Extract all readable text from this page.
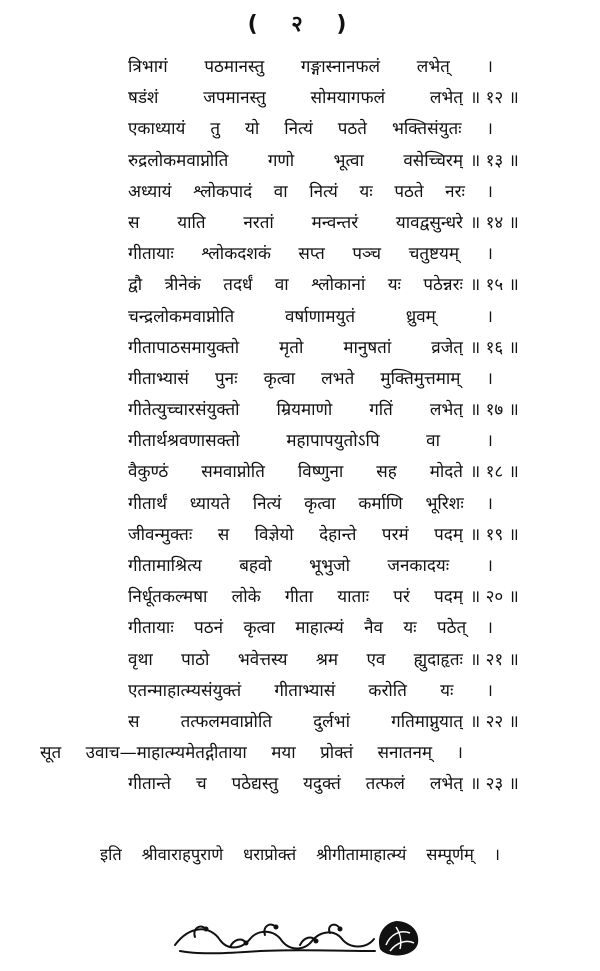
( २ )
त्रिभागं पठमानस्तु गङ्गास्नानफलं लभेत् ।
षडंशं जपमानस्तु सोमयागफलं लभेत् ॥ १२ ॥
एकाध्यायं तु यो नित्यं पठते भक्तिसंयुतः ।
रुद्रलोकमवाप्नोति गणो भूत्वा वसेच्चिरम् ॥ १३ ॥
अध्यायं श्लोकपादं वा नित्यं यः पठते नरः ।
स याति नरतां मन्वन्तरं यावद्वसुन्धरे ॥ १४ ॥
गीतायाः श्लोकदशकं सप्त पञ्च चतुष्टयम् ।
द्वौ त्रीनेकं तदर्धं वा श्लोकानां यः पठेन्नरः ॥ १५ ॥
चन्द्रलोकमवाप्नोति वर्षाणामयुतं ध्रुवम् ।
गीतापाठसमायुक्तो मृतो मानुषतां व्रजेत् ॥ १६ ॥
गीताभ्यासं पुनः कृत्वा लभते मुक्तिमुत्तमाम् ।
गीतेत्युच्चारसंयुक्तो म्रियमाणो गतिं लभेत् ॥ १७ ॥
गीतार्थश्रवणासक्तो महापापयुतोऽपि वा ।
वैकुण्ठं समवाप्नोति विष्णुना सह मोदते ॥ १८ ॥
गीतार्थं ध्यायते नित्यं कृत्वा कर्माणि भूरिशः ।
जीवन्मुक्तः स विज्ञेयो देहान्ते परमं पदम् ॥ १९ ॥
गीतामाश्रित्य बहवो भूभुजो जनकादयः ।
निर्धूतकल्मषा लोके गीता याताः परं पदम् ॥ २० ॥
गीतायाः पठनं कृत्वा माहात्म्यं नैव यः पठेत् ।
वृथा पाठो भवेत्तस्य श्रम एव ह्युदाहृतः ॥ २१ ॥
एतन्माहात्म्यसंयुक्तं गीताभ्यासं करोति यः ।
स तत्फलमवाप्नोति दुर्लभां गतिमाप्नुयात् ॥ २२ ॥
सूत उवाच—माहात्म्यमेतद्गीताया मया प्रोक्तं सनातनम् ।
गीतान्ते च पठेद्यस्तु यदुक्तं तत्फलं लभेत् ॥ २३ ॥
इति श्रीवाराहपुराणे धराप्रोक्तं श्रीगीतामाहात्म्यं सम्पूर्णम् ।
